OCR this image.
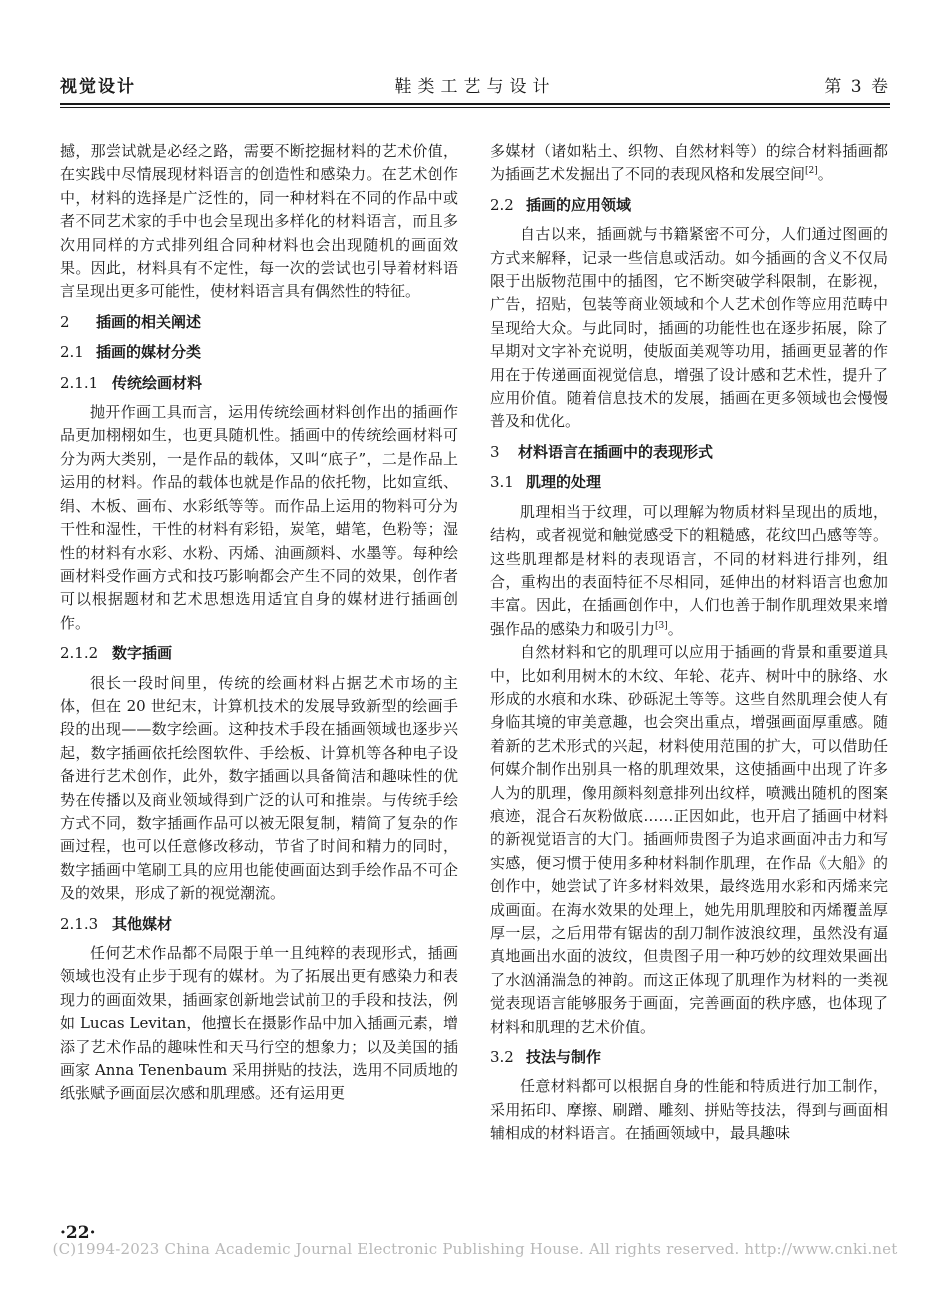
视觉设计	鞋类工艺与设计	第 3 卷

撼，那尝试就是必经之路，需要不断挖掘材料的艺术价值，在实践中尽情展现材料语言的创造性和感染力。在艺术创作中，材料的选择是广泛性的，同一种材料在不同的作品中或者不同艺术家的手中也会呈现出多样化的材料语言，而且多次用同样的方式排列组合同种材料也会出现随机的画面效果。因此，材料具有不定性，每一次的尝试也引导着材料语言呈现出更多可能性，使材料语言具有偶然性的特征。

2 插画的相关阐述
2.1 插画的媒材分类
2.1.1 传统绘画材料

抛开作画工具而言，运用传统绘画材料创作出的插画作品更加栩栩如生，也更具随机性。插画中的传统绘画材料可分为两大类别，一是作品的载体，又叫“底子”，二是作品上运用的材料。作品的载体也就是作品的依托物，比如宣纸、绢、木板、画布、水彩纸等等。而作品上运用的物料可分为干性和湿性，干性的材料有彩铅，炭笔，蜡笔，色粉等；湿性的材料有水彩、水粉、丙烯、油画颜料、水墨等。每种绘画材料受作画方式和技巧影响都会产生不同的效果，创作者可以根据题材和艺术思想选用适宜自身的媒材进行插画创作。

2.1.2 数字插画

很长一段时间里，传统的绘画材料占据艺术市场的主体，但在 20 世纪末，计算机技术的发展导致新型的绘画手段的出现——数字绘画。这种技术手段在插画领域也逐步兴起，数字插画依托绘图软件、手绘板、计算机等各种电子设备进行艺术创作，此外，数字插画以具备简洁和趣味性的优势在传播以及商业领域得到广泛的认可和推崇。与传统手绘方式不同，数字插画作品可以被无限复制，精简了复杂的作画过程，也可以任意修改移动，节省了时间和精力的同时，数字插画中笔刷工具的应用也能使画面达到手绘作品不可企及的效果，形成了新的视觉潮流。

2.1.3 其他媒材

任何艺术作品都不局限于单一且纯粹的表现形式，插画领域也没有止步于现有的媒材。为了拓展出更有感染力和表现力的画面效果，插画家创新地尝试前卫的手段和技法，例如 Lucas Levitan，他擅长在摄影作品中加入插画元素，增添了艺术作品的趣味性和天马行空的想象力；以及美国的插画家 Anna Tenenbaum 采用拼贴的技法，选用不同质地的纸张赋予画面层次感和肌理感。还有运用更

多媒材（诸如粘土、织物、自然材料等）的综合材料插画都为插画艺术发掘出了不同的表现风格和发展空间[2]。

2.2 插画的应用领域

自古以来，插画就与书籍紧密不可分，人们通过图画的方式来解释，记录一些信息或活动。如今插画的含义不仅局限于出版物范围中的插图，它不断突破学科限制，在影视，广告，招贴，包装等商业领域和个人艺术创作等应用范畴中呈现给大众。与此同时，插画的功能性也在逐步拓展，除了早期对文字补充说明，使版面美观等功用，插画更显著的作用在于传递画面视觉信息，增强了设计感和艺术性，提升了应用价值。随着信息技术的发展，插画在更多领域也会慢慢普及和优化。

3 材料语言在插画中的表现形式
3.1 肌理的处理

肌理相当于纹理，可以理解为物质材料呈现出的质地，结构，或者视觉和触觉感受下的粗糙感，花纹凹凸感等等。这些肌理都是材料的表现语言，不同的材料进行排列，组合，重构出的表面特征不尽相同，延伸出的材料语言也愈加丰富。因此，在插画创作中，人们也善于制作肌理效果来增强作品的感染力和吸引力[3]。

自然材料和它的肌理可以应用于插画的背景和重要道具中，比如利用树木的木纹、年轮、花卉、树叶中的脉络、水形成的水痕和水珠、砂砾泥土等等。这些自然肌理会使人有身临其境的审美意趣，也会突出重点，增强画面厚重感。随着新的艺术形式的兴起，材料使用范围的扩大，可以借助任何媒介制作出别具一格的肌理效果，这使插画中出现了许多人为的肌理，像用颜料刻意排列出纹样，喷溅出随机的图案痕迹，混合石灰粉做底……正因如此，也开启了插画中材料的新视觉语言的大门。插画师贵图子为追求画面冲击力和写实感，便习惯于使用多种材料制作肌理，在作品《大船》的创作中，她尝试了许多材料效果，最终选用水彩和丙烯来完成画面。在海水效果的处理上，她先用肌理胶和丙烯覆盖厚厚一层，之后用带有锯齿的刮刀制作波浪纹理，虽然没有逼真地画出水面的波纹，但贵图子用一种巧妙的纹理效果画出了水汹涌湍急的神韵。而这正体现了肌理作为材料的一类视觉表现语言能够服务于画面，完善画面的秩序感，也体现了材料和肌理的艺术价值。

3.2 技法与制作

任意材料都可以根据自身的性能和特质进行加工制作，采用拓印、摩擦、刷蹭、雕刻、拼贴等技法，得到与画面相辅相成的材料语言。在插画领域中，最具趣味

·22·
(C)1994-2023 China Academic Journal Electronic Publishing House. All rights reserved. http://www.cnki.net
